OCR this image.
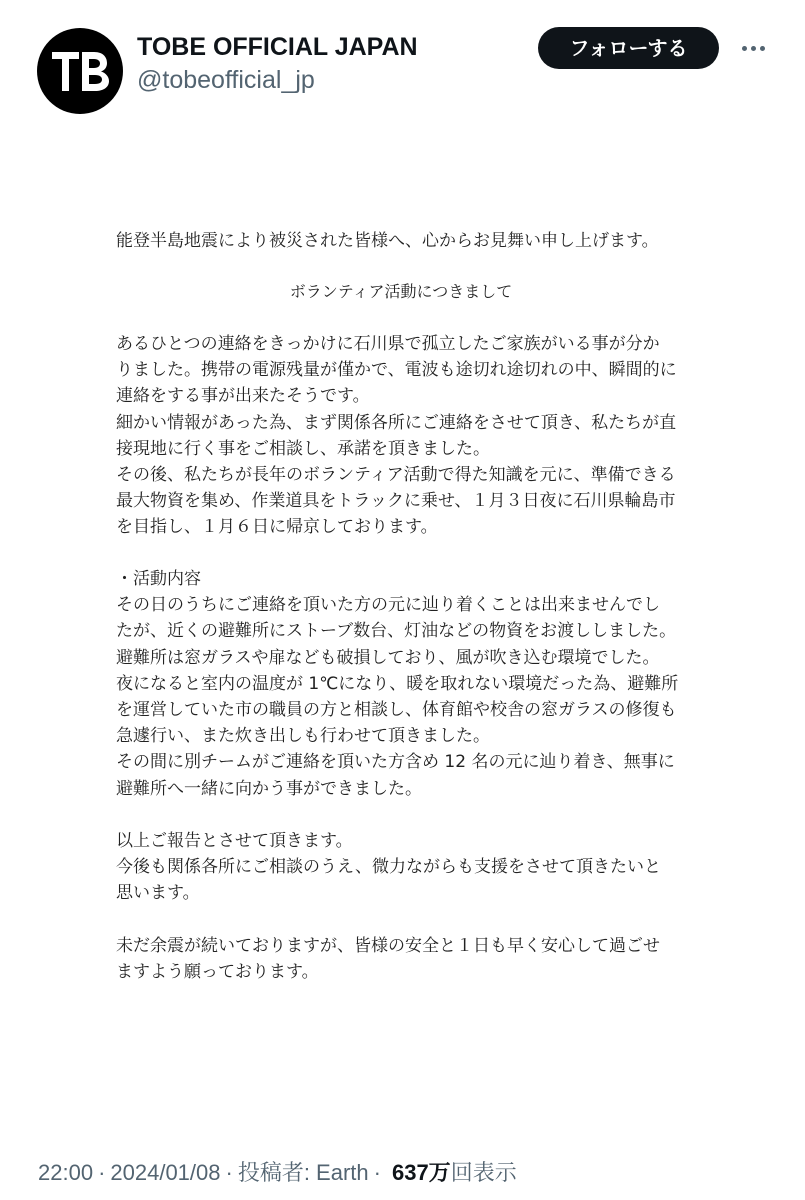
TOBE OFFICIAL JAPAN
@tobeofficial_jp
フォローする

能登半島地震により被災された皆様へ、心からお見舞い申し上げます。

ボランティア活動につきまして
あるひとつの連絡をきっかけに石川県で孤立したご家族がいる事が分か
りました。携帯の電源残量が僅かで、電波も途切れ途切れの中、瞬間的に
連絡をする事が出来たそうです。
細かい情報があった為、まず関係各所にご連絡をさせて頂き、私たちが直
接現地に行く事をご相談し、承諾を頂きました。
その後、私たちが長年のボランティア活動で得た知識を元に、準備できる
最大物資を集め、作業道具をトラックに乗せ、１月３日夜に石川県輪島市
を目指し、１月６日に帰京しております。
・活動内容
その日のうちにご連絡を頂いた方の元に辿り着くことは出来ませんでし
たが、近くの避難所にストーブ数台、灯油などの物資をお渡ししました。
避難所は窓ガラスや扉なども破損しており、風が吹き込む環境でした。
夜になると室内の温度が 1℃になり、暖を取れない環境だった為、避難所
を運営していた市の職員の方と相談し、体育館や校舎の窓ガラスの修復も
急遽行い、また炊き出しも行わせて頂きました。
その間に別チームがご連絡を頂いた方含め 12 名の元に辿り着き、無事に
避難所へ一緒に向かう事ができました。
以上ご報告とさせて頂きます。
今後も関係各所にご相談のうえ、微力ながらも支援をさせて頂きたいと
思います。
未だ余震が続いておりますが、皆様の安全と１日も早く安心して過ごせ
ますよう願っております。
22:00 · 2024/01/08 · 投稿者: Earth · 637万回表示
